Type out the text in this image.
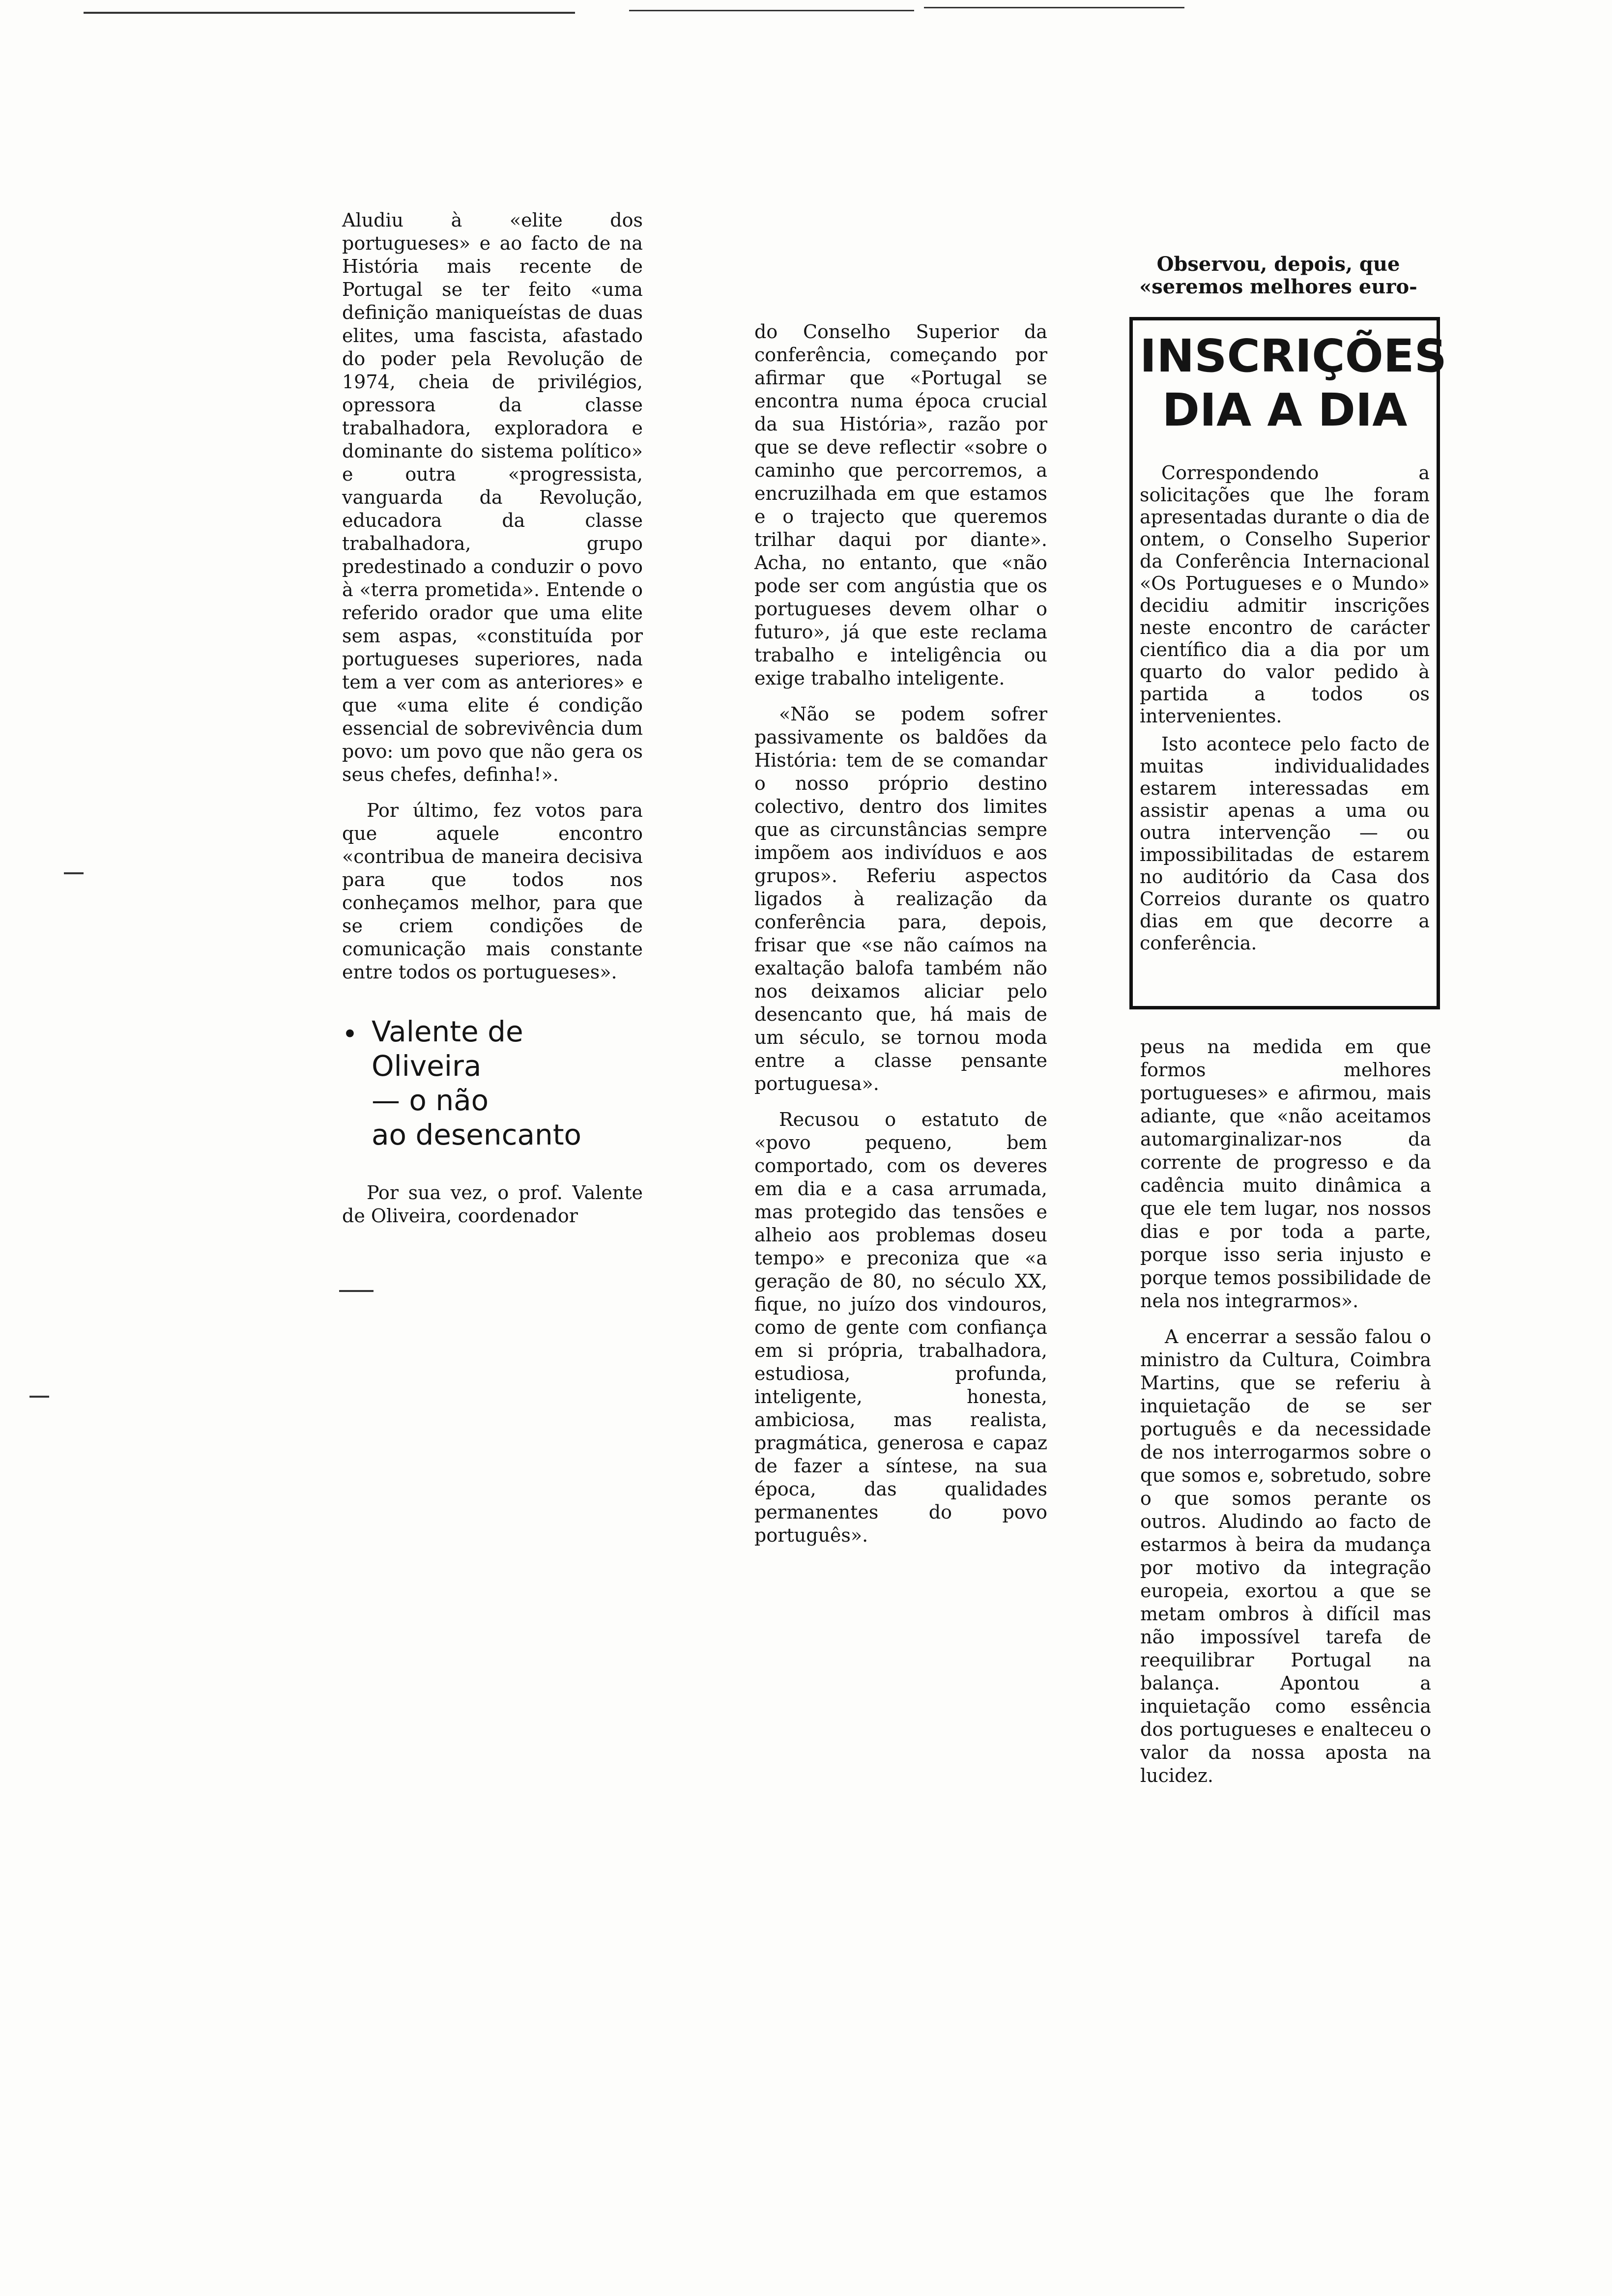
Aludiu à «elite dos portugueses» e ao facto de na História mais recente de Portugal se ter feito «uma definição maniqueístas de duas elites, uma fascista, afastado do poder pela Revolução de 1974, cheia de privilégios, opressora da classe trabalhadora, exploradora e dominante do sistema político» e outra «progressista, vanguarda da Revolução, educadora da classe trabalhadora, grupo predestinado a conduzir o povo à «terra prometida». Entende o referido orador que uma elite sem aspas, «constituída por portugueses superiores, nada tem a ver com as anteriores» e que «uma elite é condição essencial de sobrevivência dum povo: um povo que não gera os seus chefes, definha!».

Por último, fez votos para que aquele encontro «contribua de maneira decisiva para que todos nos conheçamos melhor, para que se criem condições de comunicação mais constante entre todos os portugueses».

• Valente de
Oliveira
— o não
ao desencanto

Por sua vez, o prof. Valente de Oliveira, coordenador

do Conselho Superior da conferência, começando por afirmar que «Portugal se encontra numa época crucial da sua História», razão por que se deve reflectir «sobre o caminho que percorremos, a encruzilhada em que estamos e o trajecto que queremos trilhar daqui por diante». Acha, no entanto, que «não pode ser com angústia que os portugueses devem olhar o futuro», já que este reclama trabalho e inteligência ou exige trabalho inteligente.

«Não se podem sofrer passivamente os baldões da História: tem de se comandar o nosso próprio destino colectivo, dentro dos limites que as circunstâncias sempre impõem aos indivíduos e aos grupos». Referiu aspectos ligados à realização da conferência para, depois, frisar que «se não caímos na exaltação balofa também não nos deixamos aliciar pelo desencanto que, há mais de um século, se tornou moda entre a classe pensante portuguesa».

Recusou o estatuto de «povo pequeno, bem comportado, com os deveres em dia e a casa arrumada, mas protegido das tensões e alheio aos problemas doseu tempo» e preconiza que «a geração de 80, no século XX, fique, no juízo dos vindouros, como de gente com confiança em si própria, trabalhadora, estudiosa, profunda, inteligente, honesta, ambiciosa, mas realista, pragmática, generosa e capaz de fazer a síntese, na sua época, das qualidades permanentes do povo português».

Observou, depois, que «seremos melhores euro-
INSCRIÇÕES
DIA A DIA

Correspondendo a solicitações que lhe foram apresentadas durante o dia de ontem, o Conselho Superior da Conferência Internacional «Os Portugueses e o Mundo» decidiu admitir inscrições neste encontro de carácter científico dia a dia por um quarto do valor pedido à partida a todos os intervenientes.

Isto acontece pelo facto de muitas individualidades estarem interessadas em assistir apenas a uma ou outra intervenção — ou impossibilitadas de estarem no auditório da Casa dos Correios durante os quatro dias em que decorre a conferência.

peus na medida em que formos melhores portugueses» e afirmou, mais adiante, que «não aceitamos automarginalizar-nos da corrente de progresso e da cadência muito dinâmica a que ele tem lugar, nos nossos dias e por toda a parte, porque isso seria injusto e porque temos possibilidade de nela nos integrarmos».

A encerrar a sessão falou o ministro da Cultura, Coimbra Martins, que se referiu à inquietação de se ser português e da necessidade de nos interrogarmos sobre o que somos e, sobretudo, sobre o que somos perante os outros. Aludindo ao facto de estarmos à beira da mudança por motivo da integração europeia, exortou a que se metam ombros à difícil mas não impossível tarefa de reequilibrar Portugal na balança. Apontou a inquietação como essência dos portugueses e enalteceu o valor da nossa aposta na lucidez.
